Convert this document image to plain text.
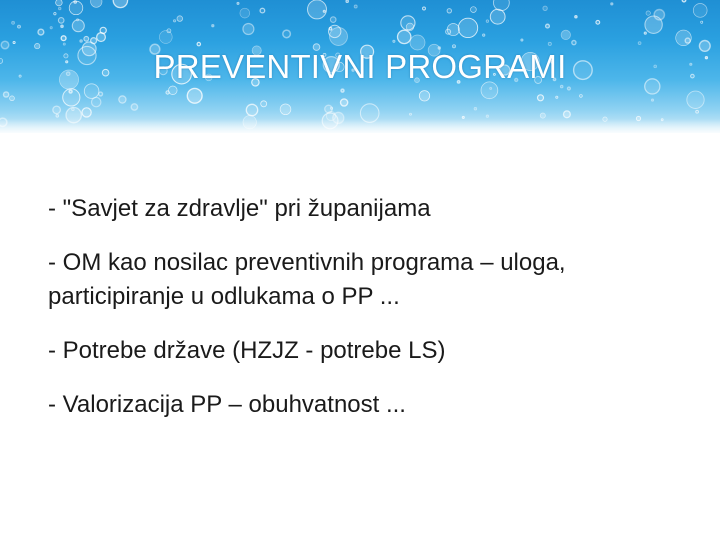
PREVENTIVNI PROGRAMI
- "Savjet za zdravlje" pri županijama
- OM kao nosilac preventivnih programa – uloga, participiranje u odlukama o PP ...
- Potrebe države (HZJZ - potrebe LS)
- Valorizacija PP – obuhvatnost ...
